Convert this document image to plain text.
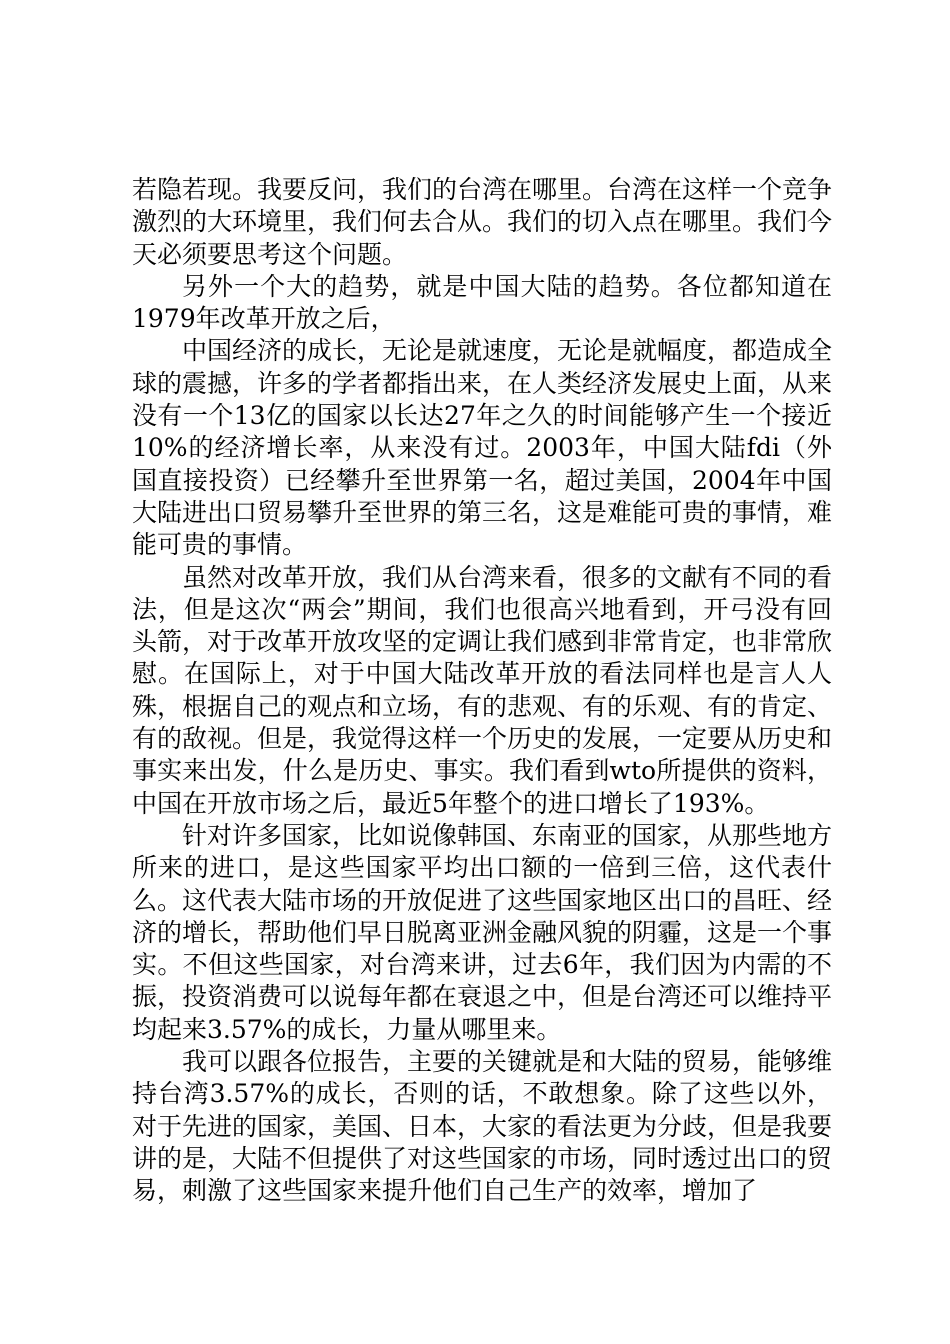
若隐若现。我要反问，我们的台湾在哪里。台湾在这样一个竞争激烈的大环境里，我们何去合从。我们的切入点在哪里。我们今天必须要思考这个问题。

另外一个大的趋势，就是中国大陆的趋势。各位都知道在1979年改革开放之后，

中国经济的成长，无论是就速度，无论是就幅度，都造成全球的震撼，许多的学者都指出来，在人类经济发展史上面，从来没有一个13亿的国家以长达27年之久的时间能够产生一个接近10%的经济增长率，从来没有过。2003年，中国大陆fdi（外国直接投资）已经攀升至世界第一名，超过美国，2004年中国大陆进出口贸易攀升至世界的第三名，这是难能可贵的事情，难能可贵的事情。

虽然对改革开放，我们从台湾来看，很多的文献有不同的看法，但是这次“两会”期间，我们也很高兴地看到，开弓没有回头箭，对于改革开放攻坚的定调让我们感到非常肯定，也非常欣慰。在国际上，对于中国大陆改革开放的看法同样也是言人人殊，根据自己的观点和立场，有的悲观、有的乐观、有的肯定、有的敌视。但是，我觉得这样一个历史的发展，一定要从历史和事实来出发，什么是历史、事实。我们看到wto所提供的资料，中国在开放市场之后，最近5年整个的进口增长了193%。

针对许多国家，比如说像韩国、东南亚的国家，从那些地方所来的进口，是这些国家平均出口额的一倍到三倍，这代表什么。这代表大陆市场的开放促进了这些国家地区出口的昌旺、经济的增长，帮助他们早日脱离亚洲金融风貌的阴霾，这是一个事实。不但这些国家，对台湾来讲，过去6年，我们因为内需的不振，投资消费可以说每年都在衰退之中，但是台湾还可以维持平均起来3.57%的成长，力量从哪里来。

我可以跟各位报告，主要的关键就是和大陆的贸易，能够维持台湾3.57%的成长，否则的话，不敢想象。除了这些以外，对于先进的国家，美国、日本，大家的看法更为分歧，但是我要讲的是，大陆不但提供了对这些国家的市场，同时透过出口的贸易，刺激了这些国家来提升他们自己生产的效率，增加了
